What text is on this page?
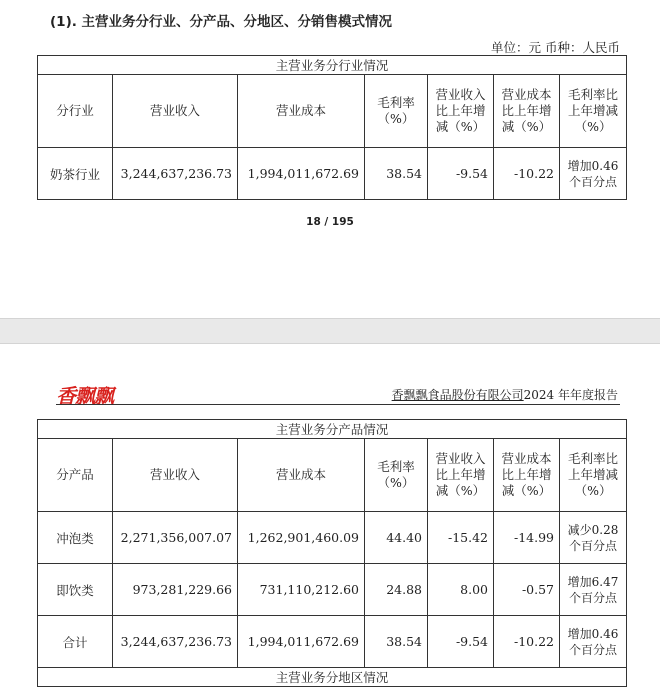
(1). 主营业务分行业、分产品、分地区、分销售模式情况
单位：元 币种：人民币
主营业务分行业情况						
分行业	营业收入	营业成本	毛利率（%）	营业收入比上年增减（%）	营业成本比上年增减（%）	毛利率比上年增减（%）
奶茶行业	3,244,637,236.73	1,994,011,672.69	38.54	-9.54	-10.22	增加0.46个百分点
18 / 195
香飘飘	香飘飘食品股份有限公司2024 年年度报告
主营业务分产品情况						
分产品	营业收入	营业成本	毛利率（%）	营业收入比上年增减（%）	营业成本比上年增减（%）	毛利率比上年增减（%）
冲泡类	2,271,356,007.07	1,262,901,460.09	44.40	-15.42	-14.99	减少0.28个百分点
即饮类	973,281,229.66	731,110,212.60	24.88	8.00	-0.57	增加6.47个百分点
合计	3,244,637,236.73	1,994,011,672.69	38.54	-9.54	-10.22	增加0.46个百分点
主营业务分地区情况						
